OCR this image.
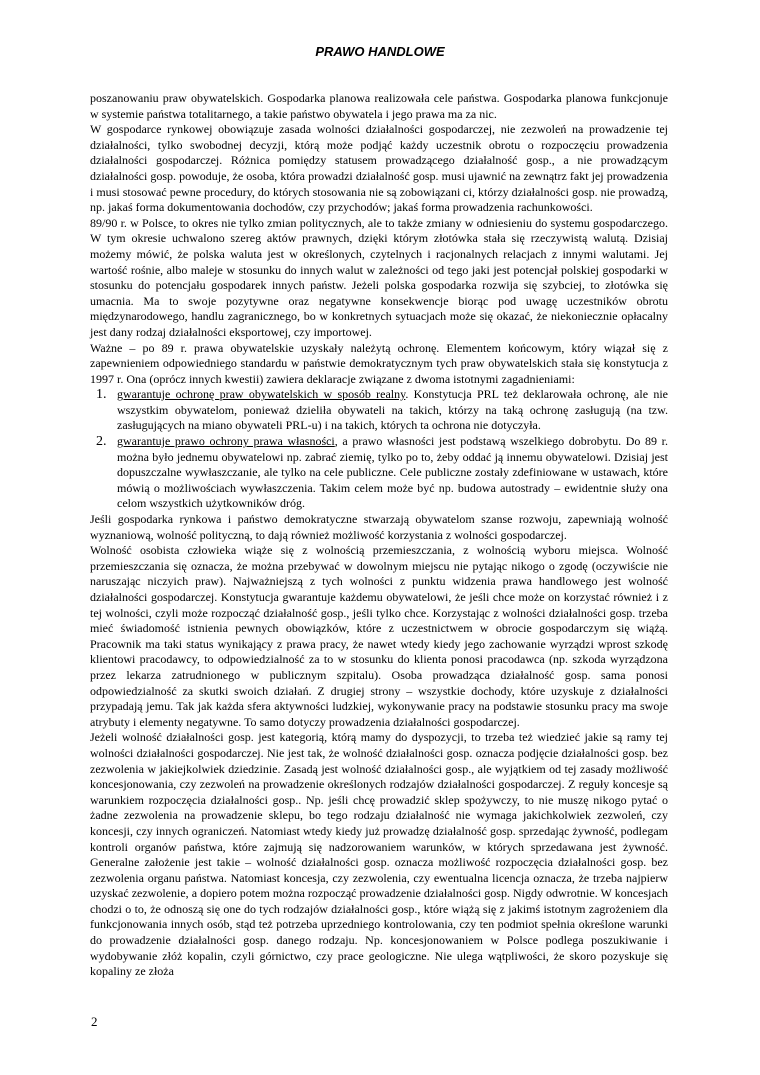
PRAWO HANDLOWE

poszanowaniu praw obywatelskich. Gospodarka planowa realizowała cele państwa. Gospodarka planowa funkcjonuje w systemie państwa totalitarnego, a takie państwo obywatela i jego prawa ma za nic.

W gospodarce rynkowej obowiązuje zasada wolności działalności gospodarczej, nie zezwoleń na prowadzenie tej działalności, tylko swobodnej decyzji, którą może podjąć każdy uczestnik obrotu o rozpoczęciu prowadzenia działalności gospodarczej. Różnica pomiędzy statusem prowadzącego działalność gosp., a nie prowadzącym działalności gosp. powoduje, że osoba, która prowadzi działalność gosp. musi ujawnić na zewnątrz fakt jej prowadzenia i musi stosować pewne procedury, do których stosowania nie są zobowiązani ci, którzy działalności gosp. nie prowadzą, np. jakaś forma dokumentowania dochodów, czy przychodów; jakaś forma prowadzenia rachunkowości.

89/90 r. w Polsce, to okres nie tylko zmian politycznych, ale to także zmiany w odniesieniu do systemu gospodarczego. W tym okresie uchwalono szereg aktów prawnych, dzięki którym złotówka stała się rzeczywistą walutą. Dzisiaj możemy mówić, że polska waluta jest w określonych, czytelnych i racjonalnych relacjach z innymi walutami. Jej wartość rośnie, albo maleje w stosunku do innych walut w zależności od tego jaki jest potencjał polskiej gospodarki w stosunku do potencjału gospodarek innych państw. Jeżeli polska gospodarka rozwija się szybciej, to złotówka się umacnia. Ma to swoje pozytywne oraz negatywne konsekwencje biorąc pod uwagę uczestników obrotu międzynarodowego, handlu zagranicznego, bo w konkretnych sytuacjach może się okazać, że niekoniecznie opłacalny jest dany rodzaj działalności eksportowej, czy importowej.

Ważne – po 89 r. prawa obywatelskie uzyskały należytą ochronę. Elementem końcowym, który wiązał się z zapewnieniem odpowiedniego standardu w państwie demokratycznym tych praw obywatelskich stała się konstytucja z 1997 r. Ona (oprócz innych kwestii) zawiera deklaracje związane z dwoma istotnymi zagadnieniami:

1. gwarantuje ochronę praw obywatelskich w sposób realny. Konstytucja PRL też deklarowała ochronę, ale nie wszystkim obywatelom, ponieważ dzieliła obywateli na takich, którzy na taką ochronę zasługują (na tzw. zasługujących na miano obywateli PRL-u) i na takich, których ta ochrona nie dotyczyła.
2. gwarantuje prawo ochrony prawa własności, a prawo własności jest podstawą wszelkiego dobrobytu. Do 89 r. można było jednemu obywatelowi np. zabrać ziemię, tylko po to, żeby oddać ją innemu obywatelowi. Dzisiaj jest dopuszczalne wywłaszczanie, ale tylko na cele publiczne. Cele publiczne zostały zdefiniowane w ustawach, które mówią o możliwościach wywłaszczenia. Takim celem może być np. budowa autostrady – ewidentnie służy ona celom wszystkich użytkowników dróg.

Jeśli gospodarka rynkowa i państwo demokratyczne stwarzają obywatelom szanse rozwoju, zapewniają wolność wyznaniową, wolność polityczną, to dają również możliwość korzystania z wolności gospodarczej.

Wolność osobista człowieka wiąże się z wolnością przemieszczania, z wolnością wyboru miejsca. Wolność przemieszczania się oznacza, że można przebywać w dowolnym miejscu nie pytając nikogo o zgodę (oczywiście nie naruszając niczyich praw). Najważniejszą z tych wolności z punktu widzenia prawa handlowego jest wolność działalności gospodarczej. Konstytucja gwarantuje każdemu obywatelowi, że jeśli chce może on korzystać również i z tej wolności, czyli może rozpocząć działalność gosp., jeśli tylko chce. Korzystając z wolności działalności gosp. trzeba mieć świadomość istnienia pewnych obowiązków, które z uczestnictwem w obrocie gospodarczym się wiążą. Pracownik ma taki status wynikający z prawa pracy, że nawet wtedy kiedy jego zachowanie wyrządzi wprost szkodę klientowi pracodawcy, to odpowiedzialność za to w stosunku do klienta ponosi pracodawca (np. szkoda wyrządzona przez lekarza zatrudnionego w publicznym szpitalu). Osoba prowadząca działalność gosp. sama ponosi odpowiedzialność za skutki swoich działań. Z drugiej strony – wszystkie dochody, które uzyskuje z działalności przypadają jemu. Tak jak każda sfera aktywności ludzkiej, wykonywanie pracy na podstawie stosunku pracy ma swoje atrybuty i elementy negatywne. To samo dotyczy prowadzenia działalności gospodarczej.

Jeżeli wolność działalności gosp. jest kategorią, którą mamy do dyspozycji, to trzeba też wiedzieć jakie są ramy tej wolności działalności gospodarczej. Nie jest tak, że wolność działalności gosp. oznacza podjęcie działalności gosp. bez zezwolenia w jakiejkolwiek dziedzinie. Zasadą jest wolność działalności gosp., ale wyjątkiem od tej zasady możliwość koncesjonowania, czy zezwoleń na prowadzenie określonych rodzajów działalności gospodarczej. Z reguły koncesje są warunkiem rozpoczęcia działalności gosp.. Np. jeśli chcę prowadzić sklep spożywczy, to nie muszę nikogo pytać o żadne zezwolenia na prowadzenie sklepu, bo tego rodzaju działalność nie wymaga jakichkolwiek zezwoleń, czy koncesji, czy innych ograniczeń. Natomiast wtedy kiedy już prowadzę działalność gosp. sprzedając żywność, podlegam kontroli organów państwa, które zajmują się nadzorowaniem warunków, w których sprzedawana jest żywność. Generalne założenie jest takie – wolność działalności gosp. oznacza możliwość rozpoczęcia działalności gosp. bez zezwolenia organu państwa. Natomiast koncesja, czy zezwolenia, czy ewentualna licencja oznacza, że trzeba najpierw uzyskać zezwolenie, a dopiero potem można rozpocząć prowadzenie działalności gosp. Nigdy odwrotnie. W koncesjach chodzi o to, że odnoszą się one do tych rodzajów działalności gosp., które wiążą się z jakimś istotnym zagrożeniem dla funkcjonowania innych osób, stąd też potrzeba uprzedniego kontrolowania, czy ten podmiot spełnia określone warunki do prowadzenie działalności gosp. danego rodzaju. Np. koncesjonowaniem w Polsce podlega poszukiwanie i wydobywanie złóż kopalin, czyli górnictwo, czy prace geologiczne. Nie ulega wątpliwości, że skoro pozyskuje się kopaliny ze złoża

2
